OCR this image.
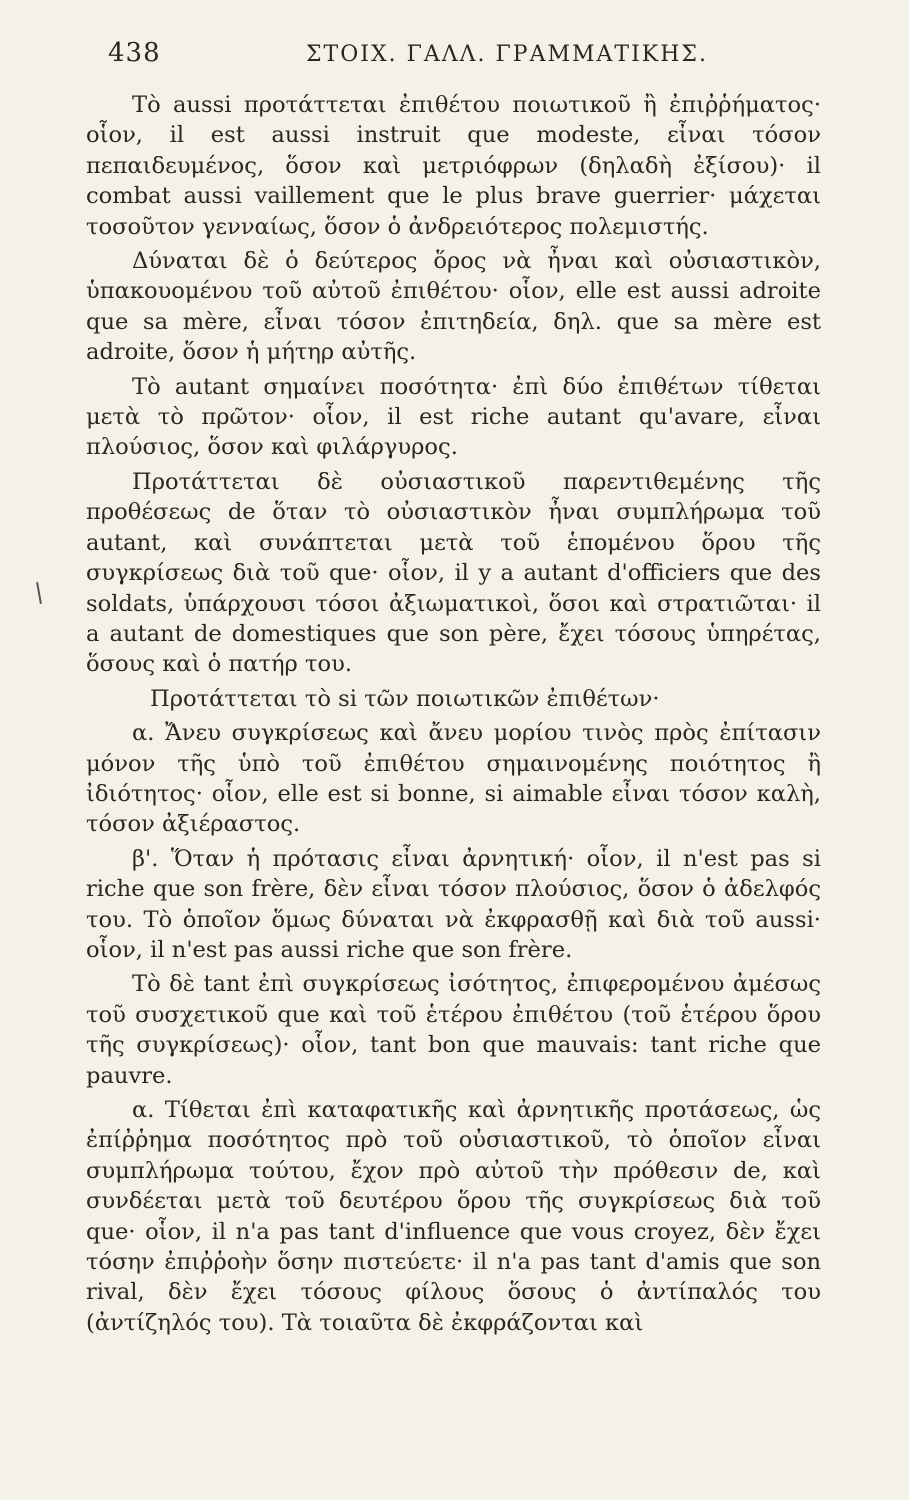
438	ΣΤΟΙΧ. ΓΑΛΛ. ΓΡΑΜΜΑΤΙΚΗΣ.

Τὸ aussi προτάττεται ἐπιθέτου ποιωτικοῦ ἢ ἐπιῤῥήματος· οἷον, il est aussi instruit que modeste, εἶναι τόσον πεπαιδευμένος, ὅσον καὶ μετριόφρων (δηλαδὴ ἐξίσου)· il combat aussi vaillement que le plus brave guerrier· μάχεται τοσοῦτον γενναίως, ὅσον ὁ ἀνδρειότερος πολεμιστής.

Δύναται δὲ ὁ δεύτερος ὅρος νὰ ἦναι καὶ οὐσιαστικὸν, ὑπακουομένου τοῦ αὐτοῦ ἐπιθέτου· οἷον, elle est aussi adroite que sa mère, εἶναι τόσον ἐπιτηδεία, δηλ. que sa mère est adroite, ὅσον ἡ μήτηρ αὐτῆς.

Τὸ autant σημαίνει ποσότητα· ἐπὶ δύο ἐπιθέτων τίθεται μετὰ τὸ πρῶτον· οἷον, il est riche autant qu'avare, εἶναι πλούσιος, ὅσον καὶ φιλάργυρος.

Προτάττεται δὲ οὐσιαστικοῦ παρεντιθεμένης τῆς προθέσεως de ὅταν τὸ οὐσιαστικὸν ἦναι συμπλήρωμα τοῦ autant, καὶ συνάπτεται μετὰ τοῦ ἑπομένου ὅρου τῆς συγκρίσεως διὰ τοῦ que· οἷον, il y a autant d'officiers que des soldats, ὑπάρχουσι τόσοι ἀξιωματικοὶ, ὅσοι καὶ στρατιῶται· il a autant de domestiques que son père, ἔχει τόσους ὑπηρέτας, ὅσους καὶ ὁ πατήρ του.

Προτάττεται τὸ si τῶν ποιωτικῶν ἐπιθέτων·

α. Ἄνευ συγκρίσεως καὶ ἄνευ μορίου τινὸς πρὸς ἐπίτασιν μόνον τῆς ὑπὸ τοῦ ἐπιθέτου σημαινομένης ποιότητος ἢ ἰδιότητος· οἷον, elle est si bonne, si aimable εἶναι τόσον καλὴ, τόσον ἀξιέραστος.

β'. Ὅταν ἡ πρότασις εἶναι ἀρνητική· οἷον, il n'est pas si riche que son frère, δὲν εἶναι τόσον πλούσιος, ὅσον ὁ ἀδελφός του. Τὸ ὁποῖον ὅμως δύναται νὰ ἐκφρασθῇ καὶ διὰ τοῦ aussi· οἷον, il n'est pas aussi riche que son frère.

Τὸ δὲ tant ἐπὶ συγκρίσεως ἰσότητος, ἐπιφερομένου ἀμέσως τοῦ συσχετικοῦ que καὶ τοῦ ἑτέρου ἐπιθέτου (τοῦ ἑτέρου ὅρου τῆς συγκρίσεως)· οἷον, tant bon que mauvais: tant riche que pauvre.

α. Τίθεται ἐπὶ καταφατικῆς καὶ ἀρνητικῆς προτάσεως, ὡς ἐπίῤῥημα ποσότητος πρὸ τοῦ οὐσιαστικοῦ, τὸ ὁποῖον εἶναι συμπλήρωμα τούτου, ἔχον πρὸ αὐτοῦ τὴν πρόθεσιν de, καὶ συνδέεται μετὰ τοῦ δευτέρου ὅρου τῆς συγκρίσεως διὰ τοῦ que· οἷον, il n'a pas tant d'influence que vous croyez, δὲν ἔχει τόσην ἐπιῤῥοὴν ὅσην πιστεύετε· il n'a pas tant d'amis que son rival, δὲν ἔχει τόσους φίλους ὅσους ὁ ἀντίπαλός του (ἀντίζηλός του). Τὰ τοιαῦτα δὲ ἐκφράζονται καὶ
